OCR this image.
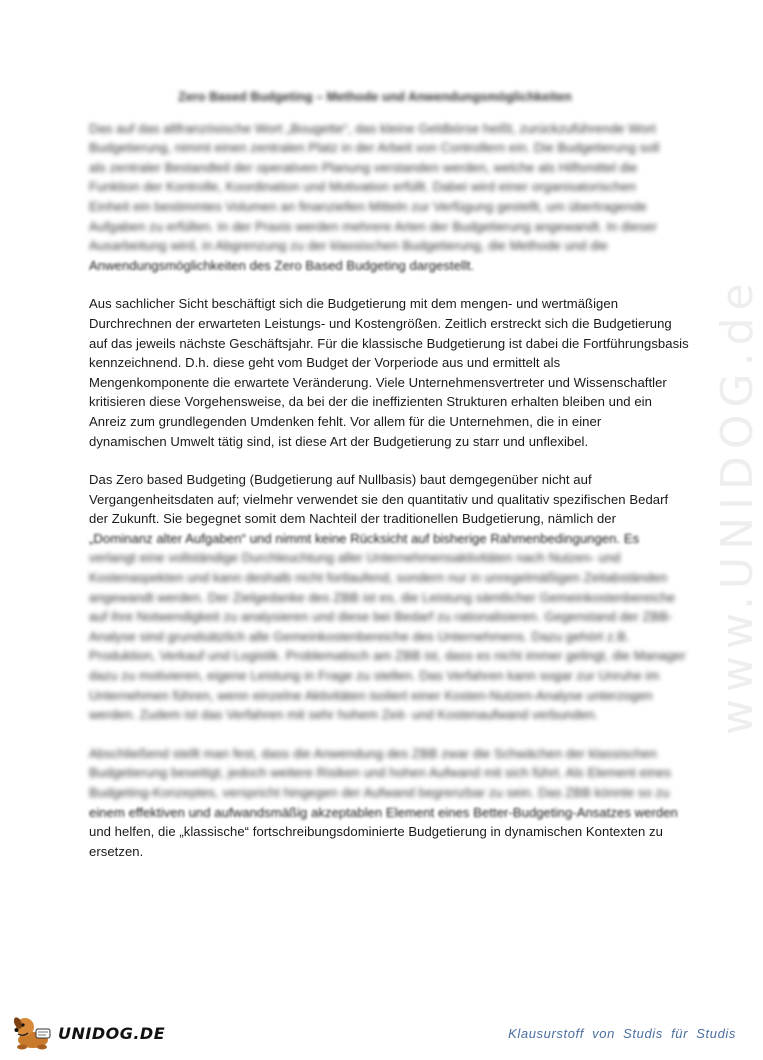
www.UNIDOG.de
Zero Based Budgeting – Methode und Anwendungsmöglichkeiten

Das auf das altfranzösische Wort „Bougette“, das kleine Geldbörse heißt, zurückzuführende Wort
Budgetierung, nimmt einen zentralen Platz in der Arbeit von Controllern ein. Die Budgetierung soll
als zentraler Bestandteil der operativen Planung verstanden werden, welche als Hilfsmittel die
Funktion der Kontrolle, Koordination und Motivation erfüllt. Dabei wird einer organisatorischen
Einheit ein bestimmtes Volumen an finanziellen Mitteln zur Verfügung gestellt, um übertragende
Aufgaben zu erfüllen. In der Praxis werden mehrere Arten der Budgetierung angewandt. In dieser
Ausarbeitung wird, in Abgrenzung zu der klassischen Budgetierung, die Methode und die
Anwendungsmöglichkeiten des Zero Based Budgeting dargestellt.

Aus sachlicher Sicht beschäftigt sich die Budgetierung mit dem mengen- und wertmäßigen
Durchrechnen der erwarteten Leistungs- und Kostengrößen. Zeitlich erstreckt sich die Budgetierung
auf das jeweils nächste Geschäftsjahr. Für die klassische Budgetierung ist dabei die Fortführungsbasis
kennzeichnend. D.h. diese geht vom Budget der Vorperiode aus und ermittelt als
Mengenkomponente die erwartete Veränderung. Viele Unternehmensvertreter und Wissenschaftler
kritisieren diese Vorgehensweise, da bei der die ineffizienten Strukturen erhalten bleiben und ein
Anreiz zum grundlegenden Umdenken fehlt. Vor allem für die Unternehmen, die in einer
dynamischen Umwelt tätig sind, ist diese Art der Budgetierung zu starr und unflexibel.

Das Zero based Budgeting (Budgetierung auf Nullbasis) baut demgegenüber nicht auf
Vergangenheitsdaten auf; vielmehr verwendet sie den quantitativ und qualitativ spezifischen Bedarf
der Zukunft. Sie begegnet somit dem Nachteil der traditionellen Budgetierung, nämlich der
„Dominanz alter Aufgaben“ und nimmt keine Rücksicht auf bisherige Rahmenbedingungen. Es
verlangt eine vollständige Durchleuchtung aller Unternehmensaktivitäten nach Nutzen- und
Kostenaspekten und kann deshalb nicht fortlaufend, sondern nur in unregelmäßigen Zeitabständen
angewandt werden. Der Zielgedanke des ZBB ist es, die Leistung sämtlicher Gemeinkostenbereiche
auf ihre Notwendigkeit zu analysieren und diese bei Bedarf zu rationalisieren. Gegenstand der ZBB-
Analyse sind grundsätzlich alle Gemeinkostenbereiche des Unternehmens. Dazu gehört z.B.
Produktion, Verkauf und Logistik. Problematisch am ZBB ist, dass es nicht immer gelingt, die Manager
dazu zu motivieren, eigene Leistung in Frage zu stellen. Das Verfahren kann sogar zur Unruhe im
Unternehmen führen, wenn einzelne Aktivitäten isoliert einer Kosten-Nutzen-Analyse unterzogen
werden. Zudem ist das Verfahren mit sehr hohem Zeit- und Kostenaufwand verbunden.

Abschließend stellt man fest, dass die Anwendung des ZBB zwar die Schwächen der klassischen
Budgetierung beseitigt, jedoch weitere Risiken und hohen Aufwand mit sich führt. Als Element eines
Budgeting-Konzeptes, verspricht hingegen der Aufwand begrenzbar zu sein. Das ZBB könnte so zu
einem effektiven und aufwandsmäßig akzeptablen Element eines Better-Budgeting-Ansatzes werden
und helfen, die „klassische“ fortschreibungsdominierte Budgetierung in dynamischen Kontexten zu
ersetzen.

UNIDOG.DE	Klausurstoff von Studis für Studis
